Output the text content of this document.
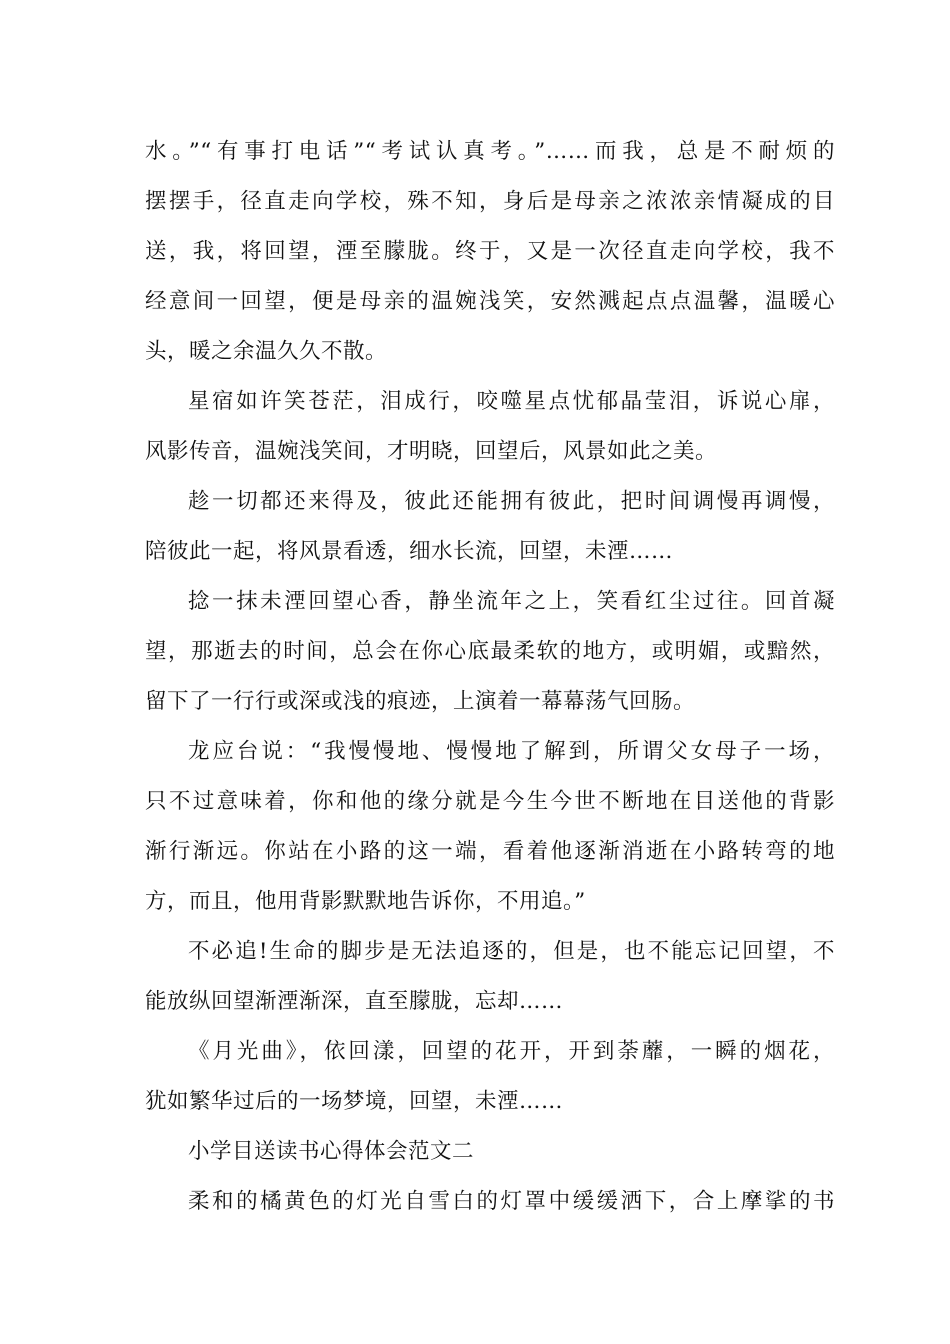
水。”“有事打电话”“考试认真考。”……而我，总是不耐烦的
摆摆手，径直走向学校，殊不知，身后是母亲之浓浓亲情凝成的目
送，我，将回望，湮至朦胧。终于，又是一次径直走向学校，我不
经意间一回望，便是母亲的温婉浅笑，安然溅起点点温馨，温暖心
头，暖之余温久久不散。
星宿如许笑苍茫，泪成行，咬噬星点忧郁晶莹泪，诉说心扉，
风影传音，温婉浅笑间，才明晓，回望后，风景如此之美。
趁一切都还来得及，彼此还能拥有彼此，把时间调慢再调慢，
陪彼此一起，将风景看透，细水长流，回望，未湮……
捻一抹未湮回望心香，静坐流年之上，笑看红尘过往。回首凝
望，那逝去的时间，总会在你心底最柔软的地方，或明媚，或黯然，
留下了一行行或深或浅的痕迹，上演着一幕幕荡气回肠。
龙应台说：“我慢慢地、慢慢地了解到，所谓父女母子一场，
只不过意味着，你和他的缘分就是今生今世不断地在目送他的背影
渐行渐远。你站在小路的这一端，看着他逐渐消逝在小路转弯的地
方，而且，他用背影默默地告诉你，不用追。”
不必追!生命的脚步是无法追逐的，但是，也不能忘记回望，不
能放纵回望渐湮渐深，直至朦胧，忘却……
《月光曲》，依回漾，回望的花开，开到荼蘼，一瞬的烟花，
犹如繁华过后的一场梦境，回望，未湮……
小学目送读书心得体会范文二
柔和的橘黄色的灯光自雪白的灯罩中缓缓洒下，合上摩挲的书
